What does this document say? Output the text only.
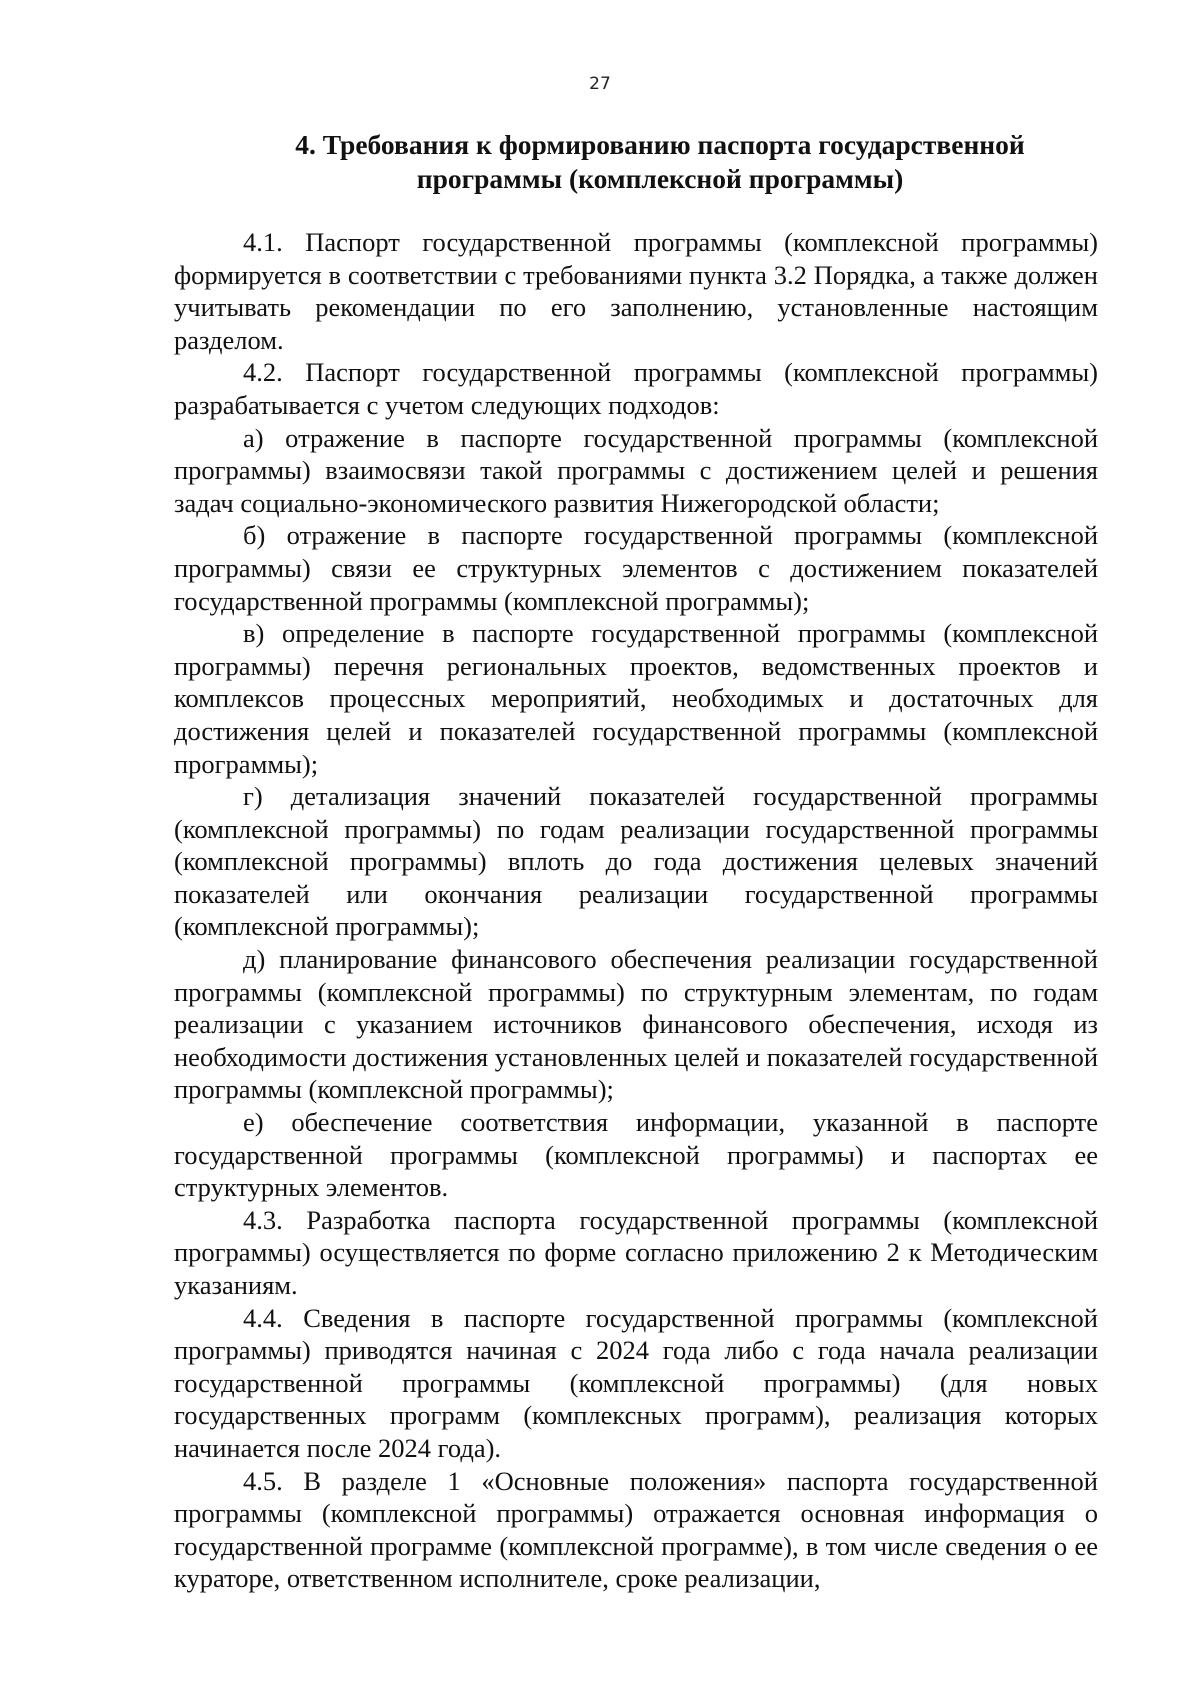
27
4. Требования к формированию паспорта государственной
программы (комплексной программы)

4.1. Паспорт государственной программы (комплексной программы) формируется в соответствии с требованиями пункта 3.2 Порядка, а также должен учитывать рекомендации по его заполнению, установленные настоящим разделом.

4.2. Паспорт государственной программы (комплексной программы) разрабатывается с учетом следующих подходов:

а) отражение в паспорте государственной программы (комплексной программы) взаимосвязи такой программы с достижением целей и решения задач социально-экономического развития Нижегородской области;

б) отражение в паспорте государственной программы (комплексной программы) связи ее структурных элементов с достижением показателей государственной программы (комплексной программы);

в) определение в паспорте государственной программы (комплексной программы) перечня региональных проектов, ведомственных проектов и комплексов процессных мероприятий, необходимых и достаточных для достижения целей и показателей государственной программы (комплексной программы);

г) детализация значений показателей государственной программы (комплексной программы) по годам реализации государственной программы (комплексной программы) вплоть до года достижения целевых значений показателей или окончания реализации государственной программы (комплексной программы);

д) планирование финансового обеспечения реализации государственной программы (комплексной программы) по структурным элементам, по годам реализации с указанием источников финансового обеспечения, исходя из необходимости достижения установленных целей и показателей государственной программы (комплексной программы);

е) обеспечение соответствия информации, указанной в паспорте государственной программы (комплексной программы) и паспортах ее структурных элементов.

4.3. Разработка паспорта государственной программы (комплексной программы) осуществляется по форме согласно приложению 2 к Методическим указаниям.

4.4. Сведения в паспорте государственной программы (комплексной программы) приводятся начиная с 2024 года либо с года начала реализации государственной программы (комплексной программы) (для новых государственных программ (комплексных программ), реализация которых начинается после 2024 года).

4.5. В разделе 1 «Основные положения» паспорта государственной программы (комплексной программы) отражается основная информация о государственной программе (комплексной программе), в том числе сведения о ее кураторе, ответственном исполнителе, сроке реализации,
